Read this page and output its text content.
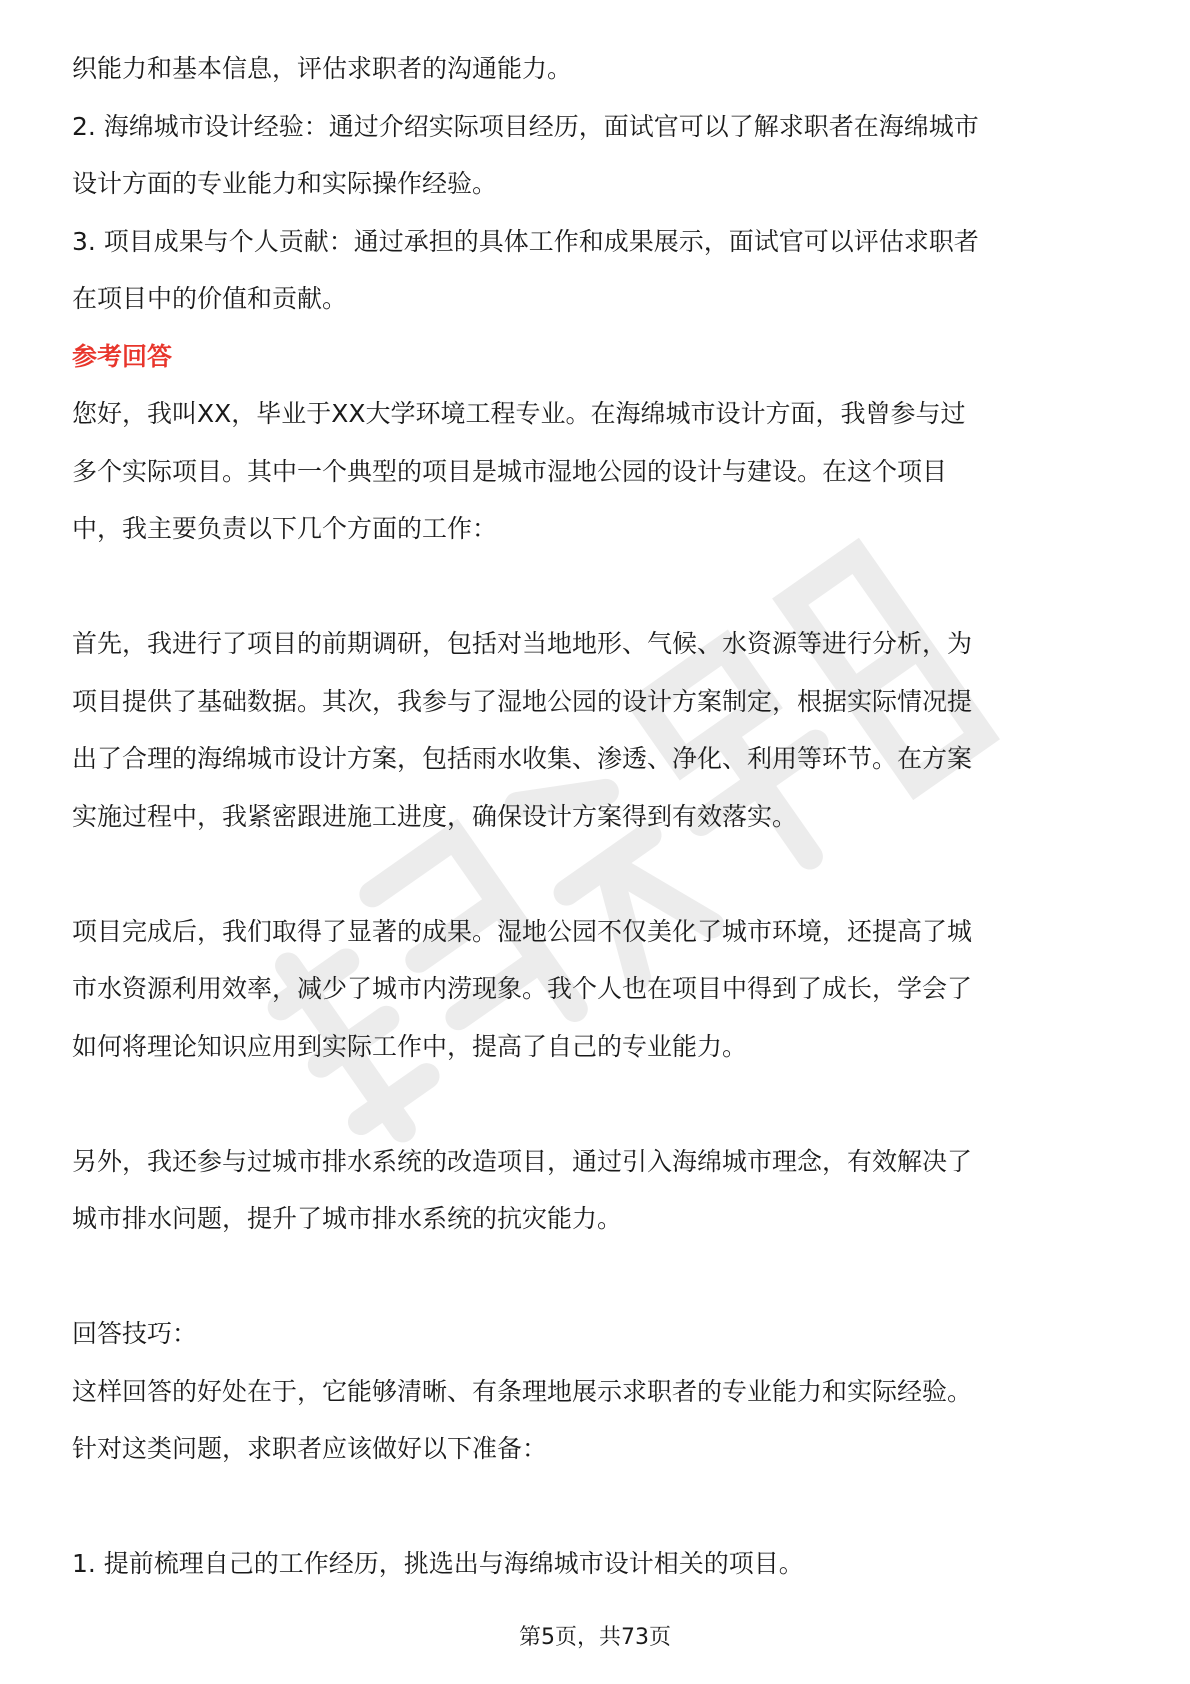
织能力和基本信息，评估求职者的沟通能力。
2. 海绵城市设计经验：通过介绍实际项目经历，面试官可以了解求职者在海绵城市
设计方面的专业能力和实际操作经验。
3. 项目成果与个人贡献：通过承担的具体工作和成果展示，面试官可以评估求职者
在项目中的价值和贡献。
参考回答
您好，我叫XX，毕业于XX大学环境工程专业。在海绵城市设计方面，我曾参与过
多个实际项目。其中一个典型的项目是城市湿地公园的设计与建设。在这个项目
中，我主要负责以下几个方面的工作：
首先，我进行了项目的前期调研，包括对当地地形、气候、水资源等进行分析，为
项目提供了基础数据。其次，我参与了湿地公园的设计方案制定，根据实际情况提
出了合理的海绵城市设计方案，包括雨水收集、渗透、净化、利用等环节。在方案
实施过程中，我紧密跟进施工进度，确保设计方案得到有效落实。
项目完成后，我们取得了显著的成果。湿地公园不仅美化了城市环境，还提高了城
市水资源利用效率，减少了城市内涝现象。我个人也在项目中得到了成长，学会了
如何将理论知识应用到实际工作中，提高了自己的专业能力。
另外，我还参与过城市排水系统的改造项目，通过引入海绵城市理念，有效解决了
城市排水问题，提升了城市排水系统的抗灾能力。
回答技巧：
这样回答的好处在于，它能够清晰、有条理地展示求职者的专业能力和实际经验。
针对这类问题，求职者应该做好以下准备：
1. 提前梳理自己的工作经历，挑选出与海绵城市设计相关的项目。
第5页，共73页
